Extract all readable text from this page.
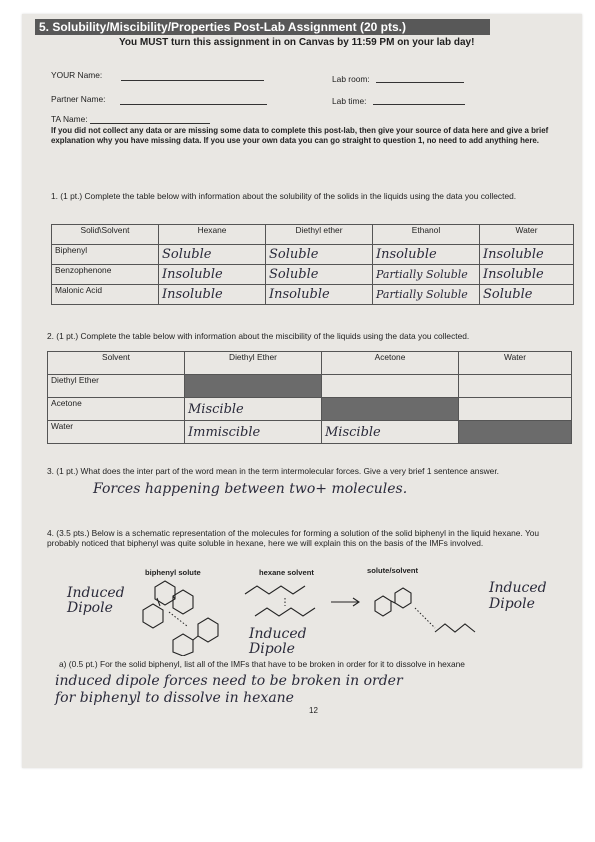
5. Solubility/Miscibility/Properties Post-Lab Assignment (20 pts.)
You MUST turn this assignment in on Canvas by 11:59 PM on your lab day!
YOUR Name:	Lab room:
Partner Name:	Lab time:
TA Name:
If you did not collect any data or are missing some data to complete this post-lab, then give your source of data here and give a brief explanation why you have missing data. If you use your own data you can go straight to question 1, no need to add anything here.
1. (1 pt.) Complete the table below with information about the solubility of the solids in the liquids using the data you collected.
Solid\Solvent	Hexane	Diethyl ether	Ethanol	Water
Biphenyl	Soluble	Soluble	Insoluble	Insoluble
Benzophenone	Insoluble	Soluble	Partially Soluble	Insoluble
Malonic Acid	Insoluble	Insoluble	Partially Soluble	Soluble
2. (1 pt.) Complete the table below with information about the miscibility of the liquids using the data you collected.
Solvent	Diethyl Ether	Acetone	Water
Diethyl Ether			
Acetone	Miscible		
Water	Immiscible	Miscible	
3. (1 pt.) What does the inter part of the word mean in the term intermolecular forces. Give a very brief 1 sentence answer.
Forces happening between two+ molecules.
4. (3.5 pts.) Below is a schematic representation of the molecules for forming a solution of the solid biphenyl in the liquid hexane. You probably noticed that biphenyl was quite soluble in hexane, here we will explain this on the basis of the IMFs involved.
biphenyl solute	hexane solvent	solute/solvent
Induced Dipole
Induced Dipole
Induced Dipole
a) (0.5 pt.) For the solid biphenyl, list all of the IMFs that have to be broken in order for it to dissolve in hexane
induced dipole forces need to be broken in order
for biphenyl to dissolve in hexane
12
